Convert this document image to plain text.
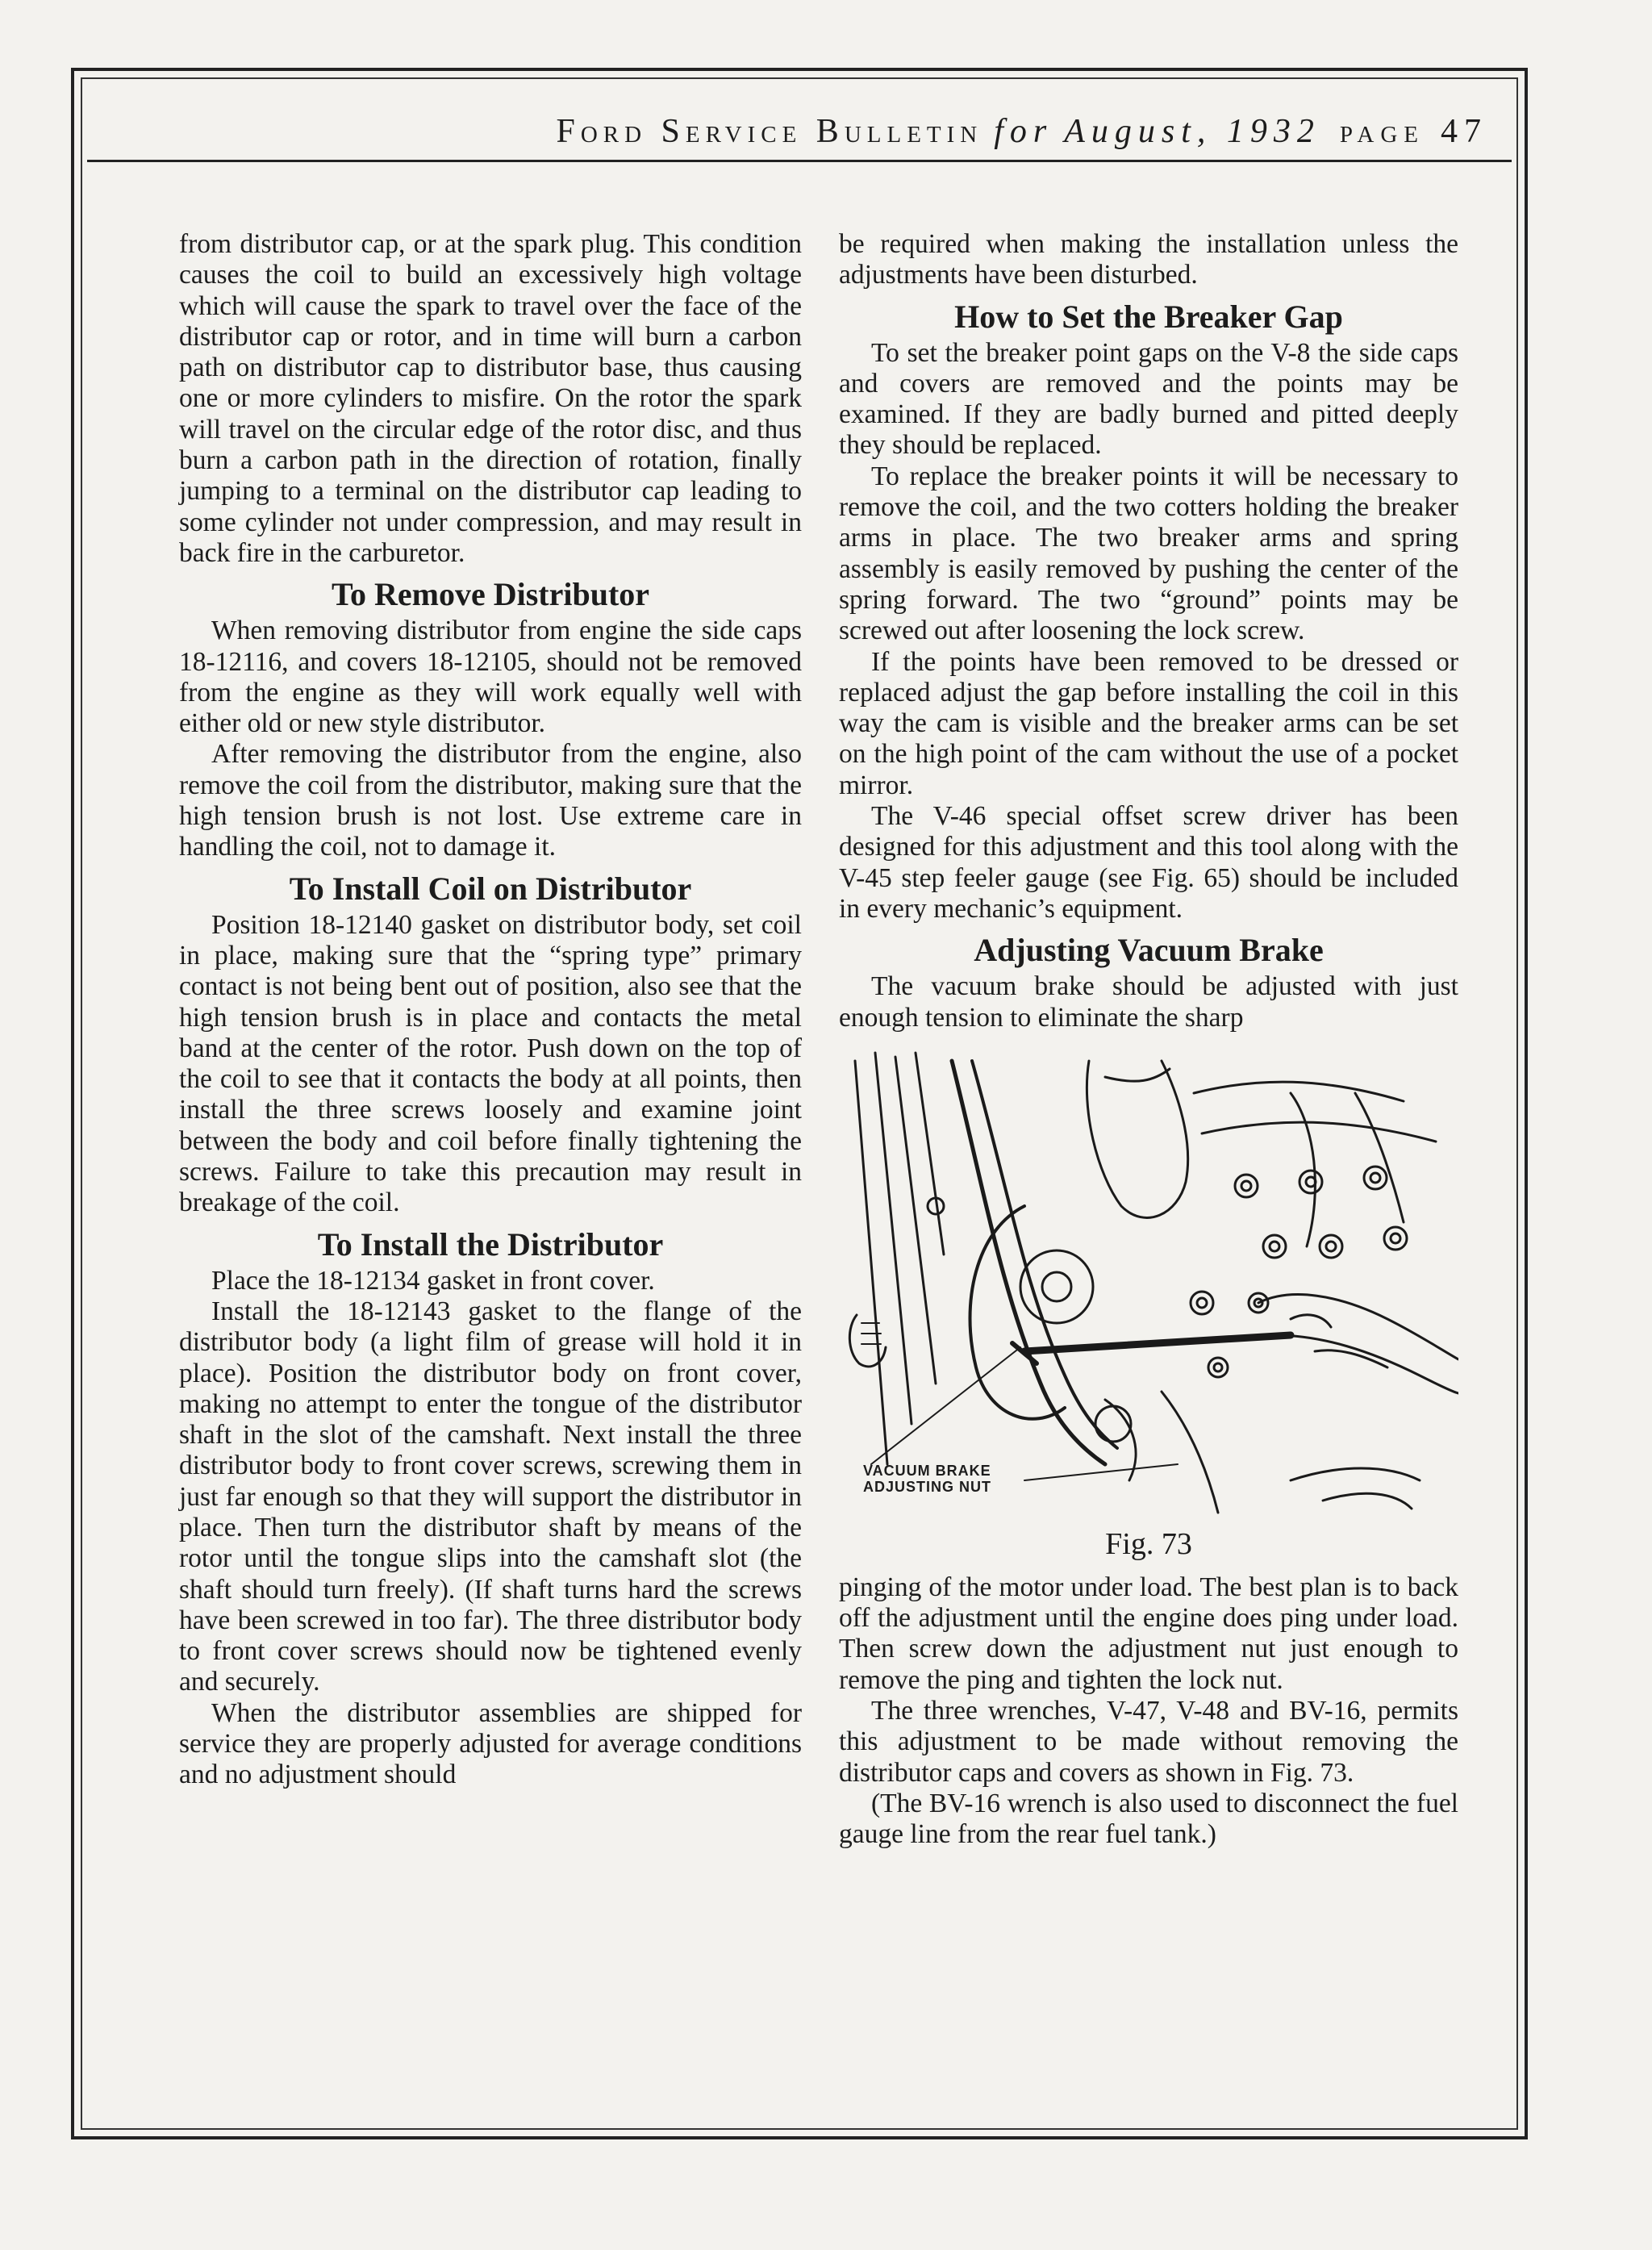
Ford Service Bulletin for August, 1932 page 47

from distributor cap, or at the spark plug. This condition causes the coil to build an excessively high voltage which will cause the spark to travel over the face of the distributor cap or rotor, and in time will burn a carbon path on distributor cap to distributor base, thus causing one or more cylinders to misfire. On the rotor the spark will travel on the circular edge of the rotor disc, and thus burn a carbon path in the direction of rotation, finally jumping to a terminal on the distributor cap leading to some cylinder not under compression, and may result in back fire in the carburetor.

To Remove Distributor

When removing distributor from engine the side caps 18-12116, and covers 18-12105, should not be removed from the engine as they will work equally well with either old or new style distributor.

After removing the distributor from the engine, also remove the coil from the distributor, making sure that the high tension brush is not lost. Use extreme care in handling the coil, not to damage it.

To Install Coil on Distributor

Position 18-12140 gasket on distributor body, set coil in place, making sure that the “spring type” primary contact is not being bent out of position, also see that the high tension brush is in place and contacts the metal band at the center of the rotor. Push down on the top of the coil to see that it contacts the body at all points, then install the three screws loosely and examine joint between the body and coil before finally tightening the screws. Failure to take this precaution may result in breakage of the coil.

To Install the Distributor

Place the 18-12134 gasket in front cover.

Install the 18-12143 gasket to the flange of the distributor body (a light film of grease will hold it in place). Position the distributor body on front cover, making no attempt to enter the tongue of the distributor shaft in the slot of the camshaft. Next install the three distributor body to front cover screws, screwing them in just far enough so that they will support the distributor in place. Then turn the distributor shaft by means of the rotor until the tongue slips into the camshaft slot (the shaft should turn freely). (If shaft turns hard the screws have been screwed in too far). The three distributor body to front cover screws should now be tightened evenly and securely.

When the distributor assemblies are shipped for service they are properly adjusted for average conditions and no adjustment should

be required when making the installation unless the adjustments have been disturbed.

How to Set the Breaker Gap

To set the breaker point gaps on the V-8 the side caps and covers are removed and the points may be examined. If they are badly burned and pitted deeply they should be replaced.

To replace the breaker points it will be necessary to remove the coil, and the two cotters holding the breaker arms in place. The two breaker arms and spring assembly is easily removed by pushing the center of the spring forward. The two “ground” points may be screwed out after loosening the lock screw.

If the points have been removed to be dressed or replaced adjust the gap before installing the coil in this way the cam is visible and the breaker arms can be set on the high point of the cam without the use of a pocket mirror.

The V-46 special offset screw driver has been designed for this adjustment and this tool along with the V-45 step feeler gauge (see Fig. 65) should be included in every mechanic’s equipment.

Adjusting Vacuum Brake

The vacuum brake should be adjusted with just enough tension to eliminate the sharp

VACUUM BRAKE
ADJUSTING NUT
Fig. 73

pinging of the motor under load. The best plan is to back off the adjustment until the engine does ping under load. Then screw down the adjustment nut just enough to remove the ping and tighten the lock nut.

The three wrenches, V-47, V-48 and BV-16, permits this adjustment to be made without removing the distributor caps and covers as shown in Fig. 73.

(The BV-16 wrench is also used to disconnect the fuel gauge line from the rear fuel tank.)
